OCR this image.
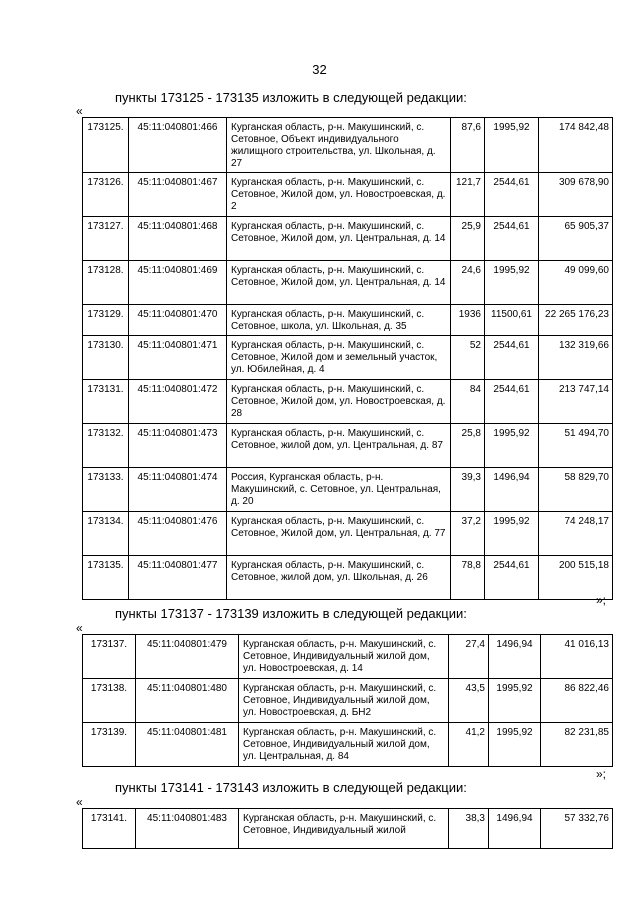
32
пункты 173125 - 173135 изложить в следующей редакции:
«
173125.	45:11:040801:466	Курганская область, р-н. Макушинский, с. Сетовное, Объект индивидуального жилищного строительства, ул. Школьная, д. 27	87,6	1995,92	174 842,48
173126.	45:11:040801:467	Курганская область, р-н. Макушинский, с. Сетовное, Жилой дом, ул. Новостроевская, д. 2	121,7	2544,61	309 678,90
173127.	45:11:040801:468	Курганская область, р-н. Макушинский, с. Сетовное, Жилой дом, ул. Центральная, д. 14	25,9	2544,61	65 905,37
173128.	45:11:040801:469	Курганская область, р-н. Макушинский, с. Сетовное, Жилой дом, ул. Центральная, д. 14	24,6	1995,92	49 099,60
173129.	45:11:040801:470	Курганская область, р-н. Макушинский, с. Сетовное, школа, ул. Школьная, д. 35	1936	11500,61	22 265 176,23
173130.	45:11:040801:471	Курганская область, р-н. Макушинский, с. Сетовное, Жилой дом и земельный участок, ул. Юбилейная, д. 4	52	2544,61	132 319,66
173131.	45:11:040801:472	Курганская область, р-н. Макушинский, с. Сетовное, Жилой дом, ул. Новостроевская, д. 28	84	2544,61	213 747,14
173132.	45:11:040801:473	Курганская область, р-н. Макушинский, с. Сетовное, жилой дом, ул. Центральная, д. 87	25,8	1995,92	51 494,70
173133.	45:11:040801:474	Россия, Курганская область, р-н. Макушинский, с. Сетовное, ул. Центральная, д. 20	39,3	1496,94	58 829,70
173134.	45:11:040801:476	Курганская область, р-н. Макушинский, с. Сетовное, Жилой дом, ул. Центральная, д. 77	37,2	1995,92	74 248,17
173135.	45:11:040801:477	Курганская область, р-н. Макушинский, с. Сетовное, жилой дом, ул. Школьная, д. 26	78,8	2544,61	200 515,18
»;
пункты 173137 - 173139 изложить в следующей редакции:
«
173137.	45:11:040801:479	Курганская область, р-н. Макушинский, с. Сетовное, Индивидуальный жилой дом, ул. Новостроевская, д. 14	27,4	1496,94	41 016,13
173138.	45:11:040801:480	Курганская область, р-н. Макушинский, с. Сетовное, Индивидуальный жилой дом, ул. Новостроевская, д. БН2	43,5	1995,92	86 822,46
173139.	45:11:040801:481	Курганская область, р-н. Макушинский, с. Сетовное, Индивидуальный жилой дом, ул. Центральная, д. 84	41,2	1995,92	82 231,85
»;
пункты 173141 - 173143 изложить в следующей редакции:
«
173141.	45:11:040801:483	Курганская область, р-н. Макушинский, с. Сетовное, Индивидуальный жилой	38,3	1496,94	57 332,76
